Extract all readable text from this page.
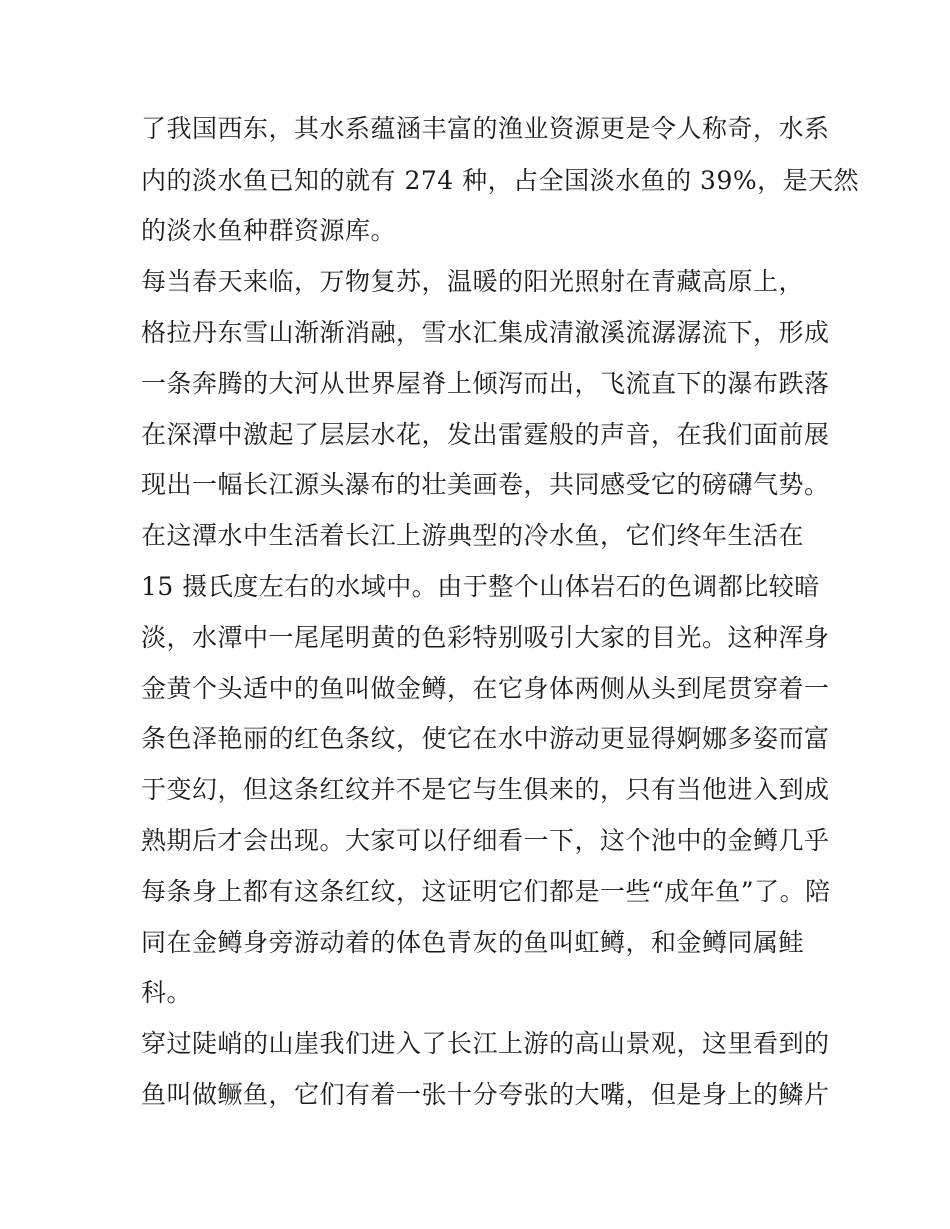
了我国西东，其水系蕴涵丰富的渔业资源更是令人称奇，水系
内的淡水鱼已知的就有 274 种，占全国淡水鱼的 39%，是天然
的淡水鱼种群资源库。
每当春天来临，万物复苏，温暖的阳光照射在青藏高原上，
格拉丹东雪山渐渐消融，雪水汇集成清澈溪流潺潺流下，形成
一条奔腾的大河从世界屋脊上倾泻而出，飞流直下的瀑布跌落
在深潭中激起了层层水花，发出雷霆般的声音，在我们面前展
现出一幅长江源头瀑布的壮美画卷，共同感受它的磅礴气势。
在这潭水中生活着长江上游典型的冷水鱼，它们终年生活在
15 摄氏度左右的水域中。由于整个山体岩石的色调都比较暗
淡，水潭中一尾尾明黄的色彩特别吸引大家的目光。这种浑身
金黄个头适中的鱼叫做金鳟，在它身体两侧从头到尾贯穿着一
条色泽艳丽的红色条纹，使它在水中游动更显得婀娜多姿而富
于变幻，但这条红纹并不是它与生俱来的，只有当他进入到成
熟期后才会出现。大家可以仔细看一下，这个池中的金鳟几乎
每条身上都有这条红纹，这证明它们都是一些“成年鱼”了。陪
同在金鳟身旁游动着的体色青灰的鱼叫虹鳟，和金鳟同属鲑
科。
穿过陡峭的山崖我们进入了长江上游的高山景观，这里看到的
鱼叫做鳜鱼，它们有着一张十分夸张的大嘴，但是身上的鳞片
